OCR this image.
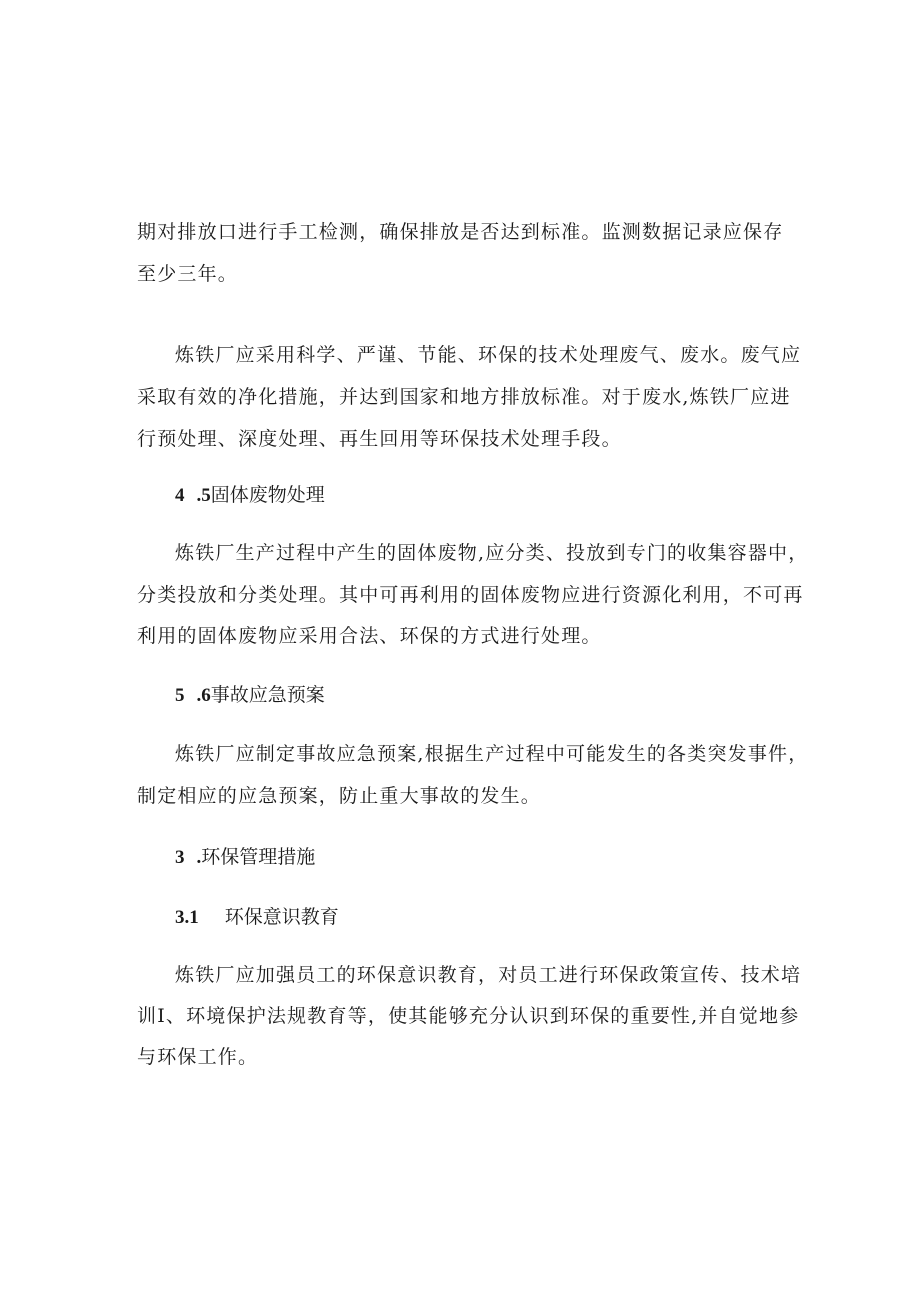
期对排放口进行手工检测，确保排放是否达到标准。监测数据记录应保存
至少三年。
炼铁厂应采用科学、严谨、节能、环保的技术处理废气、废水。废气应
采取有效的净化措施，并达到国家和地方排放标准。对于废水,炼铁厂应进
行预处理、深度处理、再生回用等环保技术处理手段。
4 .5固体废物处理
炼铁厂生产过程中产生的固体废物,应分类、投放到专门的收集容器中，
分类投放和分类处理。其中可再利用的固体废物应进行资源化利用，不可再
利用的固体废物应采用合法、环保的方式进行处理。
5 .6事故应急预案
炼铁厂应制定事故应急预案,根据生产过程中可能发生的各类突发事件，
制定相应的应急预案，防止重大事故的发生。
3 .环保管理措施
3.1 环保意识教育
炼铁厂应加强员工的环保意识教育，对员工进行环保政策宣传、技术培
训Ⅰ、环境保护法规教育等，使其能够充分认识到环保的重要性,并自觉地参
与环保工作。
